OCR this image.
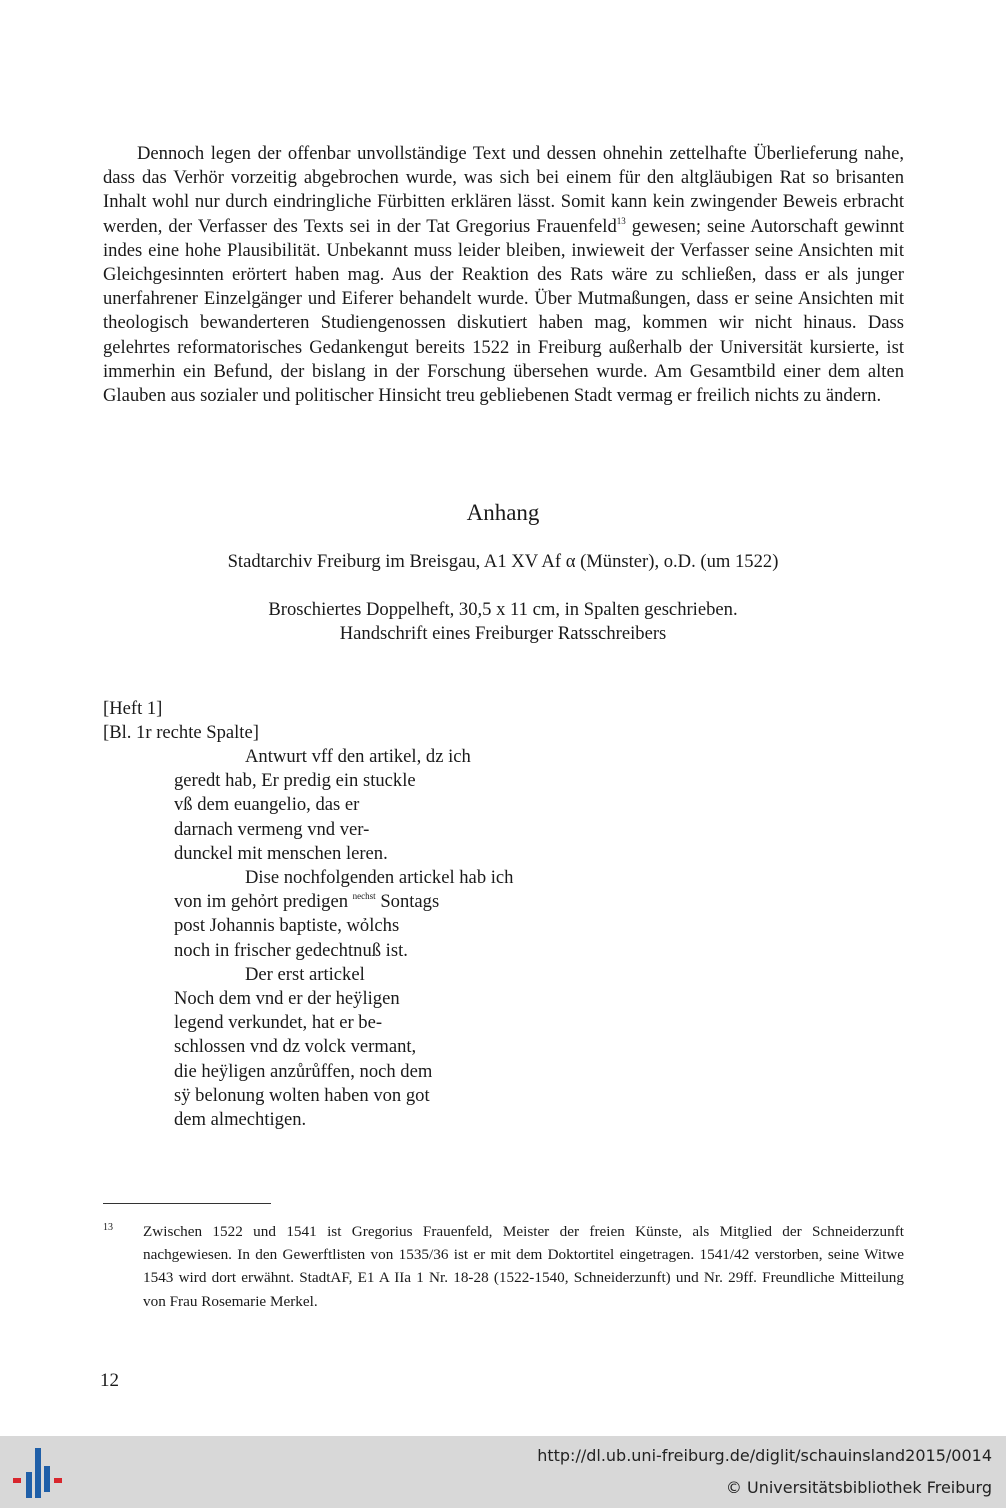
Dennoch legen der offenbar unvollständige Text und dessen ohnehin zettelhafte Überlieferung nahe, dass das Verhör vorzeitig abgebrochen wurde, was sich bei einem für den altgläubigen Rat so brisanten Inhalt wohl nur durch eindringliche Fürbitten erklären lässt. Somit kann kein zwingender Beweis erbracht werden, der Verfasser des Texts sei in der Tat Gregorius Frauenfeld$^{13}$ gewesen; seine Autorschaft gewinnt indes eine hohe Plausibilität. Unbekannt muss leider bleiben, inwieweit der Verfasser seine Ansichten mit Gleichgesinnten erörtert haben mag. Aus der Reaktion des Rats wäre zu schließen, dass er als junger unerfahrener Einzelgänger und Eiferer behandelt wurde. Über Mutmaßungen, dass er seine Ansichten mit theologisch bewanderteren Studiengenossen diskutiert haben mag, kommen wir nicht hinaus. Dass gelehrtes reformatorisches Gedankengut bereits 1522 in Freiburg außerhalb der Universität kursierte, ist immerhin ein Befund, der bislang in der Forschung übersehen wurde. Am Gesamtbild einer dem alten Glauben aus sozialer und politischer Hinsicht treu gebliebenen Stadt vermag er freilich nichts zu ändern.

Anhang
Stadtarchiv Freiburg im Breisgau, A1 XV Af α (Münster), o.D. (um 1522)
Broschiertes Doppelheft, 30,5 x 11 cm, in Spalten geschrieben.
Handschrift eines Freiburger Ratsschreibers
[Heft 1]
[Bl. 1r rechte Spalte]
Antwurt vff den artikel, dz ich
geredt hab, Er predig ein stuckle
vß dem euangelio, das er
darnach vermeng vnd ver-
dunckel mit menschen leren.
Dise nochfolgenden artickel hab ich
von im gehỏrt predigen $^{nechst}$ Sontags
post Johannis baptiste, wỏlchs
noch in frischer gedechtnuß ist.
Der erst artickel
Noch dem vnd er der heÿligen
legend verkundet, hat er be-
schlossen vnd dz volck vermant,
die heÿligen anzůrůffen, noch dem
sÿ belonung wolten haben von got
dem almechtigen.
13 Zwischen 1522 und 1541 ist Gregorius Frauenfeld, Meister der freien Künste, als Mitglied der Schneiderzunft nachgewiesen. In den Gewerftlisten von 1535/36 ist er mit dem Doktortitel eingetragen. 1541/42 verstorben, seine Witwe 1543 wird dort erwähnt. StadtAF, E1 A IIa 1 Nr. 18-28 (1522-1540, Schneiderzunft) und Nr. 29ff. Freundliche Mitteilung von Frau Rosemarie Merkel.
12
http://dl.ub.uni-freiburg.de/diglit/schauinsland2015/0014
© Universitätsbibliothek Freiburg
